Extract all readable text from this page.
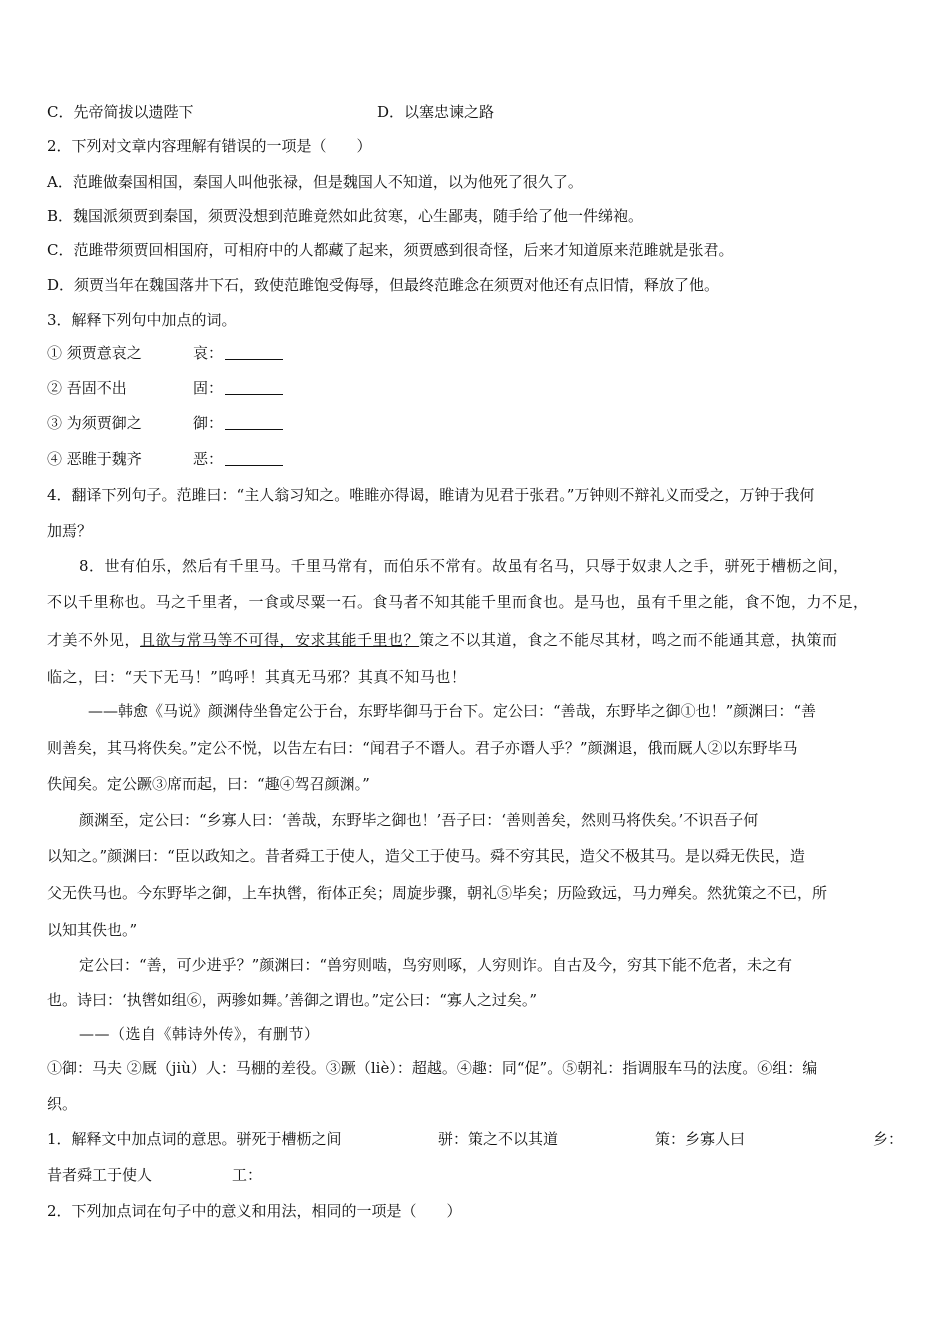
C．先帝简拔以遗陛下	D．以塞忠谏之路
2．下列对文章内容理解有错误的一项是（　　）
A．范雎做秦国相国，秦国人叫他张禄，但是魏国人不知道，以为他死了很久了。
B．魏国派须贾到秦国，须贾没想到范雎竟然如此贫寒，心生鄙夷，随手给了他一件绨袍。
C．范雎带须贾回相国府，可相府中的人都藏了起来，须贾感到很奇怪，后来才知道原来范雎就是张君。
D．须贾当年在魏国落井下石，致使范雎饱受侮辱，但最终范雎念在须贾对他还有点旧情，释放了他。
3．解释下列句中加点的词。
① 须贾意哀之	哀：
② 吾固不出	固：
③ 为须贾御之	御：
④ 恶睢于魏齐	恶：
4．翻译下列句子。范雎曰：“主人翁习知之。唯睢亦得谒，睢请为见君于张君。”万钟则不辩礼义而受之，万钟于我何
加焉？
8．世有伯乐，然后有千里马。千里马常有，而伯乐不常有。故虽有名马，只辱于奴隶人之手，骈死于槽枥之间，
不以千里称也。马之千里者，一食或尽粟一石。食马者不知其能千里而食也。是马也，虽有千里之能，食不饱，力不足，
才美不外见，且欲与常马等不可得，安求其能千里也？策之不以其道，食之不能尽其材，鸣之而不能通其意，执策而
临之，曰：“天下无马！”呜呼！其真无马邪？其真不知马也！
——韩愈《马说》颜渊侍坐鲁定公于台，东野毕御马于台下。定公曰：“善哉，东野毕之御①也！”颜渊曰：“善
则善矣，其马将佚矣。”定公不悦，以告左右曰：“闻君子不谮人。君子亦谮人乎？”颜渊退，俄而厩人②以东野毕马
佚闻矣。定公蹶③席而起，曰：“趣④驾召颜渊。”
颜渊至，定公曰：“乡寡人曰：‘善哉，东野毕之御也！’吾子曰：‘善则善矣，然则马将佚矣。’不识吾子何
以知之。”颜渊曰：“臣以政知之。昔者舜工于使人，造父工于使马。舜不穷其民，造父不极其马。是以舜无佚民，造
父无佚马也。今东野毕之御，上车执辔，衔体正矣；周旋步骤，朝礼⑤毕矣；历险致远，马力殚矣。然犹策之不已，所
以知其佚也。”
定公曰：“善，可少进乎？”颜渊曰：“兽穷则啮，鸟穷则啄，人穷则诈。自古及今，穷其下能不危者，未之有
也。诗曰：‘执辔如组⑥，两骖如舞。’善御之谓也。”定公曰：“寡人之过矣。”
——（选自《韩诗外传》，有删节）
①御：马夫 ②厩（jiù）人：马棚的差役。③蹶（liè）：超越。④趣：同“促”。⑤朝礼：指调服车马的法度。⑥组：编
织。
1．解释文中加点词的意思。骈死于槽枥之间	骈：策之不以其道	策：乡寡人曰	乡：
昔者舜工于使人	工：
2．下列加点词在句子中的意义和用法，相同的一项是（　　）
